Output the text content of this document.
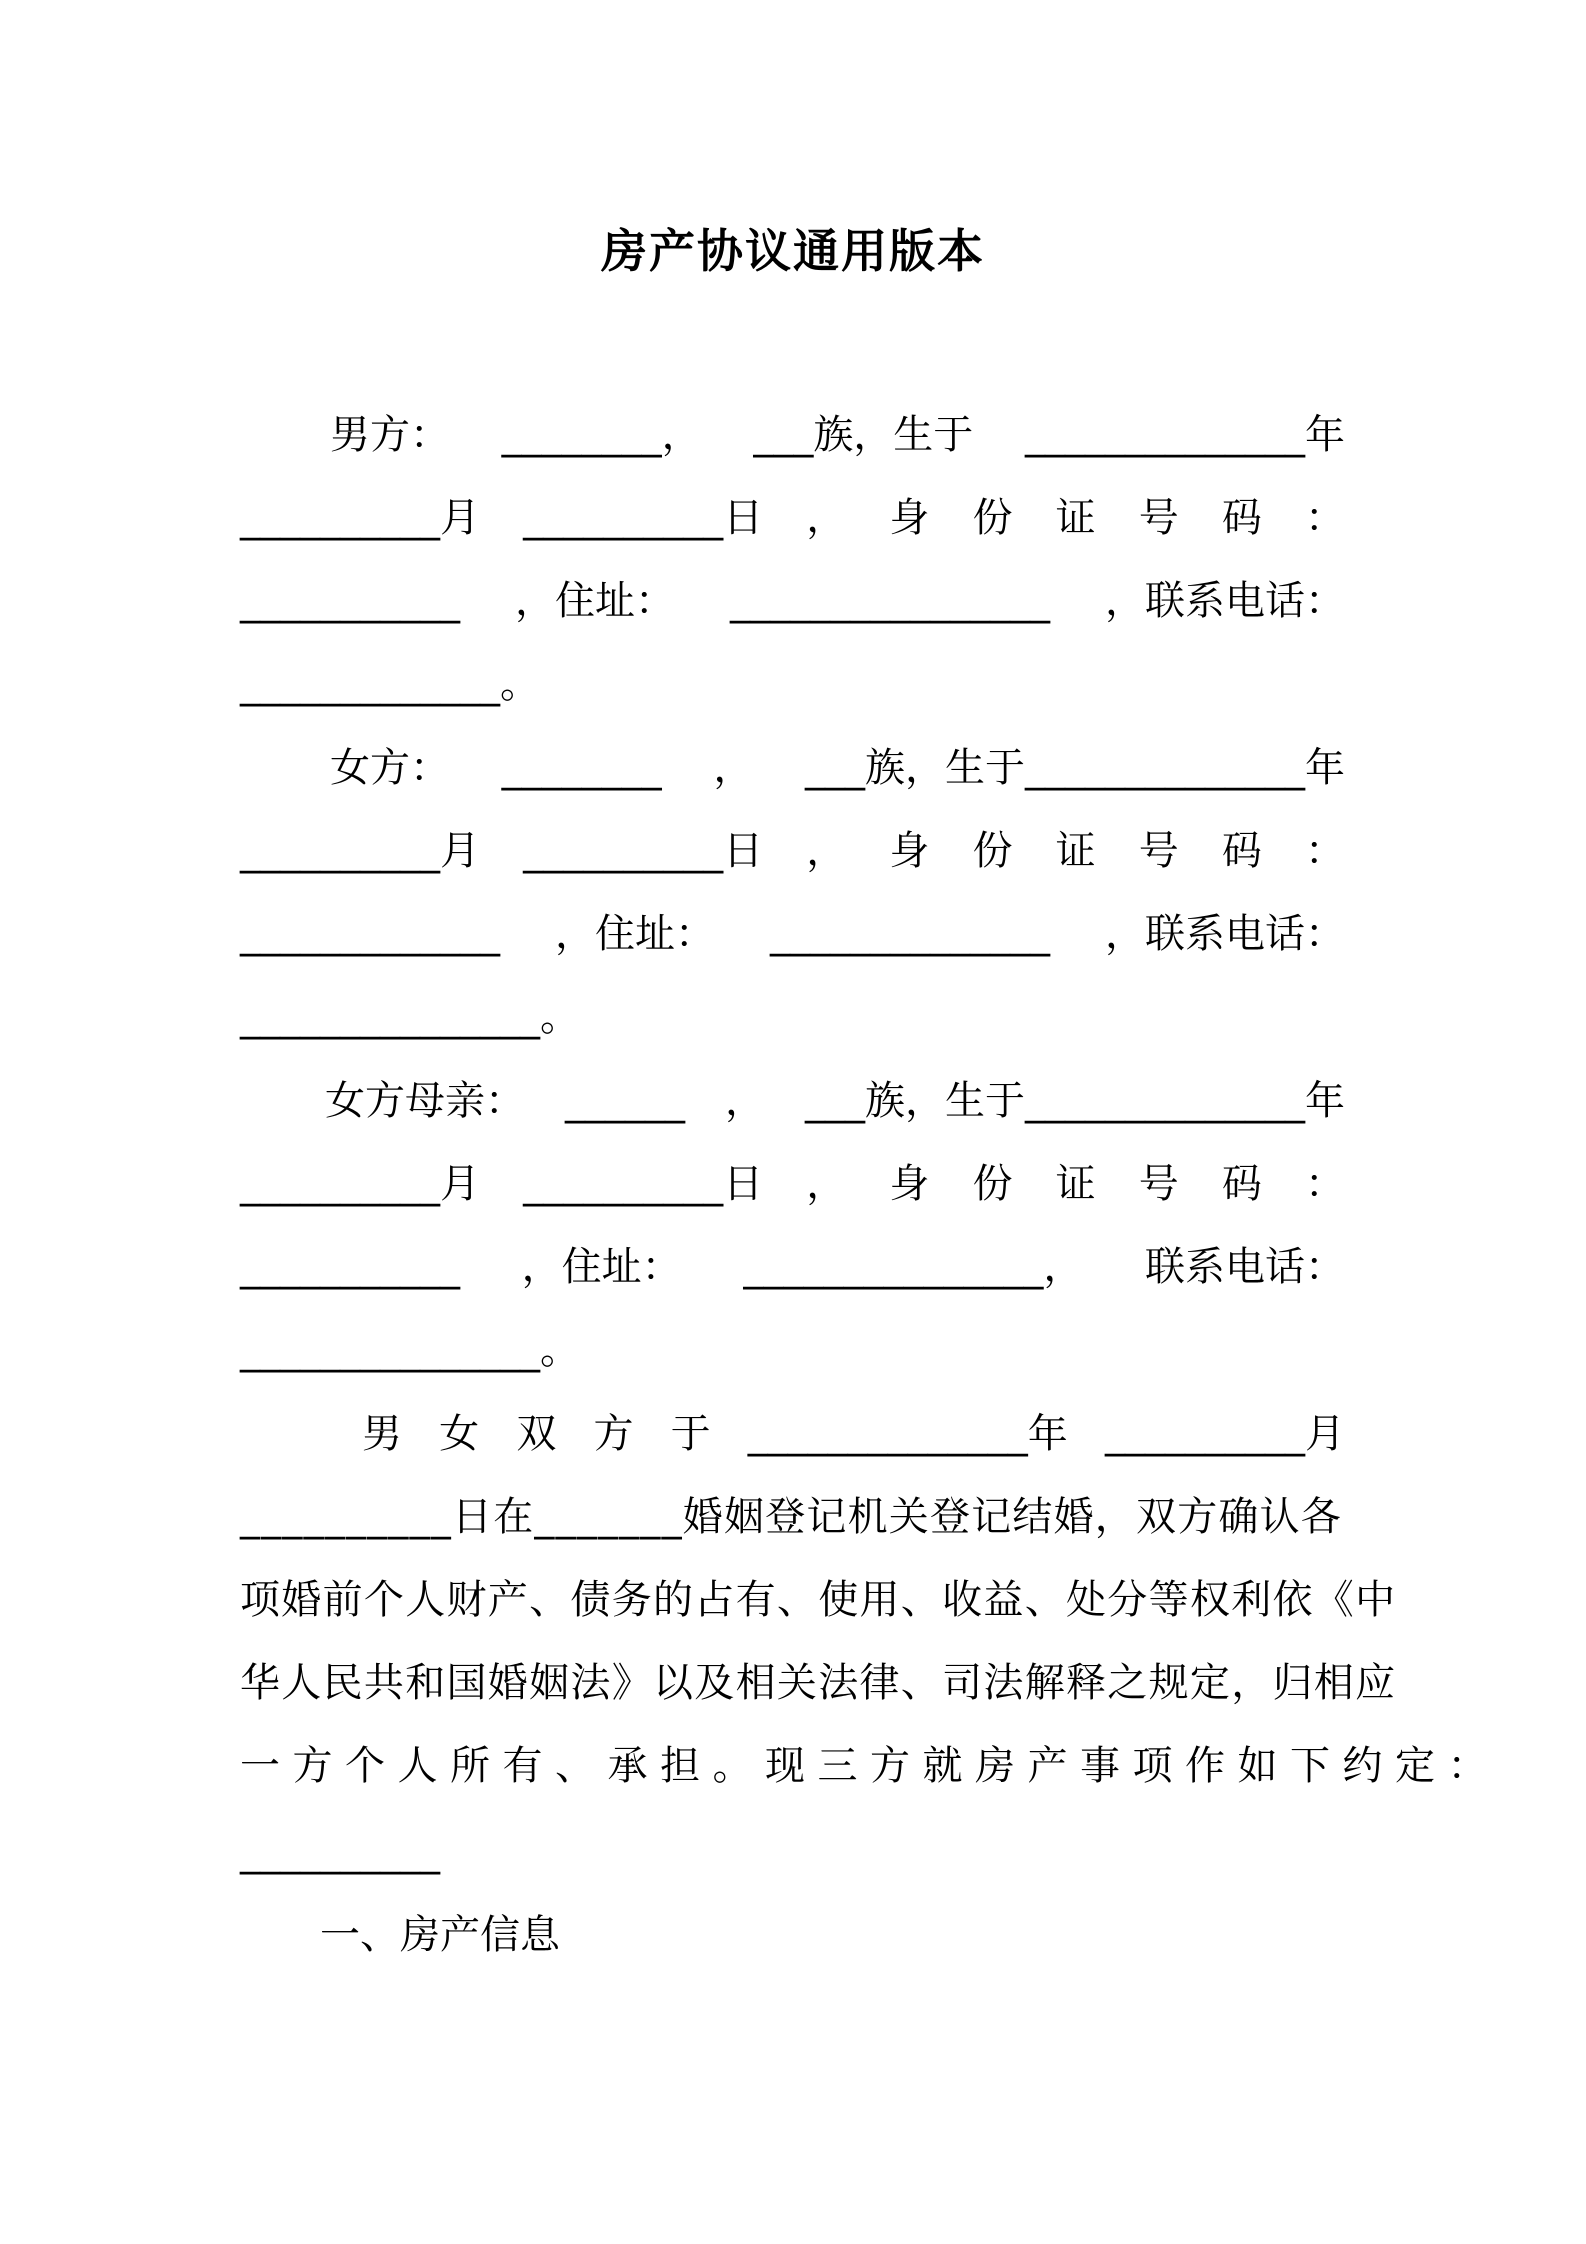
房产协议通用版本
男方： ________， ___族，生于 ______________年
__________月 __________日 ， 身 份 证 号 码 ：
___________ ，住址： ________________ ，联系电话：
_____________ 。
女方： ________ ， ___族，生于______________年
__________月 __________日 ， 身 份 证 号 码 ：
_____________ ，住址： ______________ ，联系电话：
_______________ 。
女方母亲： ______ ， ___族，生于______________年
__________月 __________日 ， 身 份 证 号 码 ：
___________ ，住址： _______________， 联系电话：
_______________ 。
男 女 双 方 于 ______________年 __________月
__________日在_______婚姻登记机关登记结婚，双方确认各
项婚前个人财产、债务的占有、使用、收益、处分等权利依《中
华人民共和国婚姻法》以及相关法律、司法解释之规定，归相应
一方个人所有、承担。现三方就房产事项作如下约定：
__________
一、房产信息
